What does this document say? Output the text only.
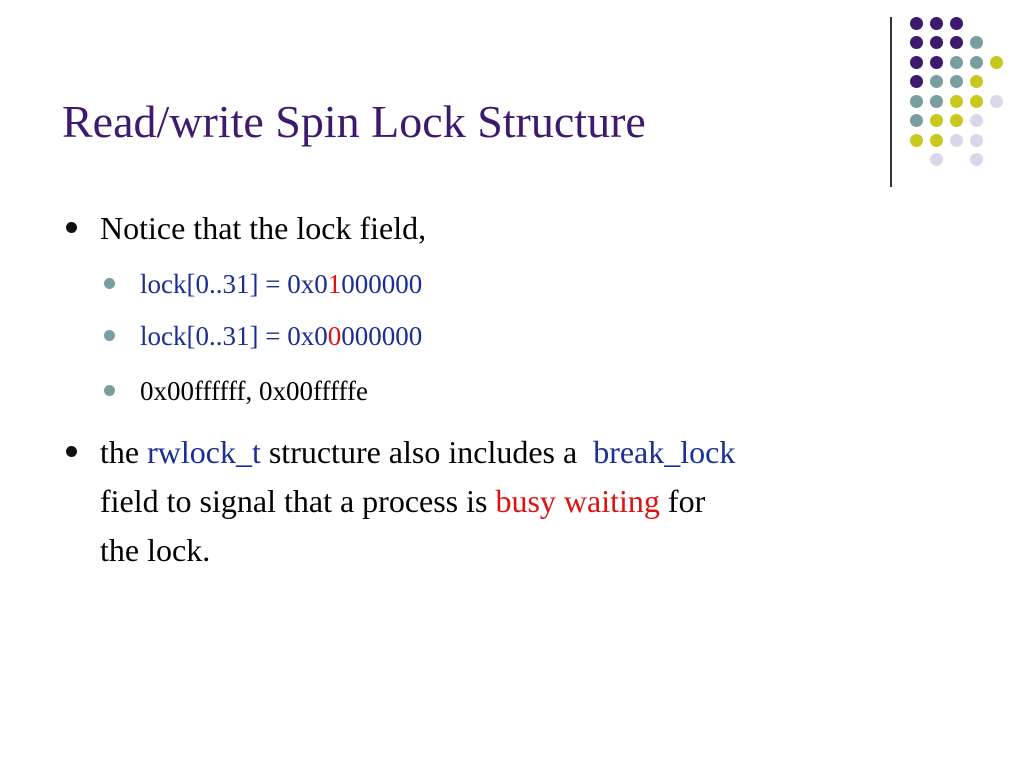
Read/write Spin Lock Structure
Notice that the lock field,
lock[0..31] = 0x01000000
lock[0..31] = 0x00000000
0x00ffffff, 0x00fffffe
the rwlock_t structure also includes a  break_lock
field to signal that a process is busy waiting for
the lock.
